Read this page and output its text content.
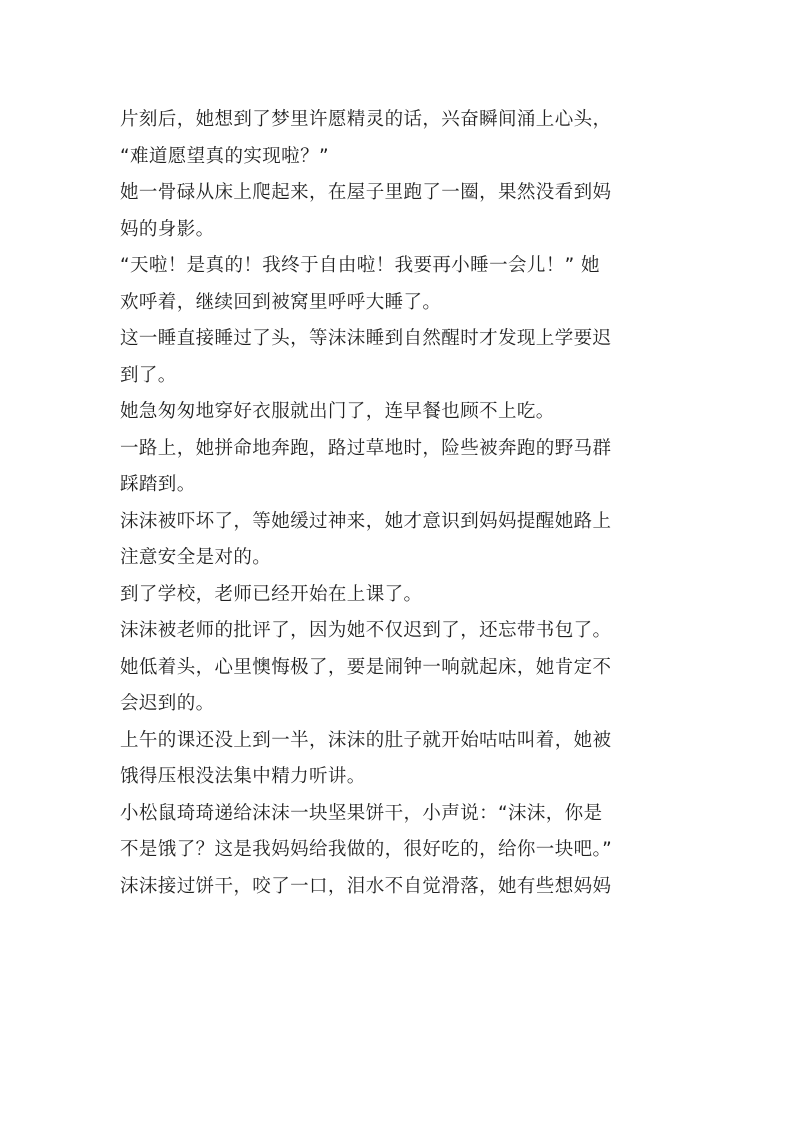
片刻后，她想到了梦里许愿精灵的话，兴奋瞬间涌上心头，
“难道愿望真的实现啦？”

她一骨碌从床上爬起来，在屋子里跑了一圈，果然没看到妈
妈的身影。

“天啦！是真的！我终于自由啦！我要再小睡一会儿！” 她
欢呼着，继续回到被窝里呼呼大睡了。

这一睡直接睡过了头，等沫沫睡到自然醒时才发现上学要迟
到了。

她急匆匆地穿好衣服就出门了，连早餐也顾不上吃。

一路上，她拼命地奔跑，路过草地时，险些被奔跑的野马群
踩踏到。

沫沫被吓坏了，等她缓过神来，她才意识到妈妈提醒她路上
注意安全是对的。

到了学校，老师已经开始在上课了。

沫沫被老师的批评了，因为她不仅迟到了，还忘带书包了。

她低着头，心里懊悔极了，要是闹钟一响就起床，她肯定不
会迟到的。

上午的课还没上到一半，沫沫的肚子就开始咕咕叫着，她被
饿得压根没法集中精力听讲。

小松鼠琦琦递给沫沫一块坚果饼干，小声说：“沫沫，你是
不是饿了？这是我妈妈给我做的，很好吃的，给你一块吧。”

沫沫接过饼干，咬了一口，泪水不自觉滑落，她有些想妈妈
